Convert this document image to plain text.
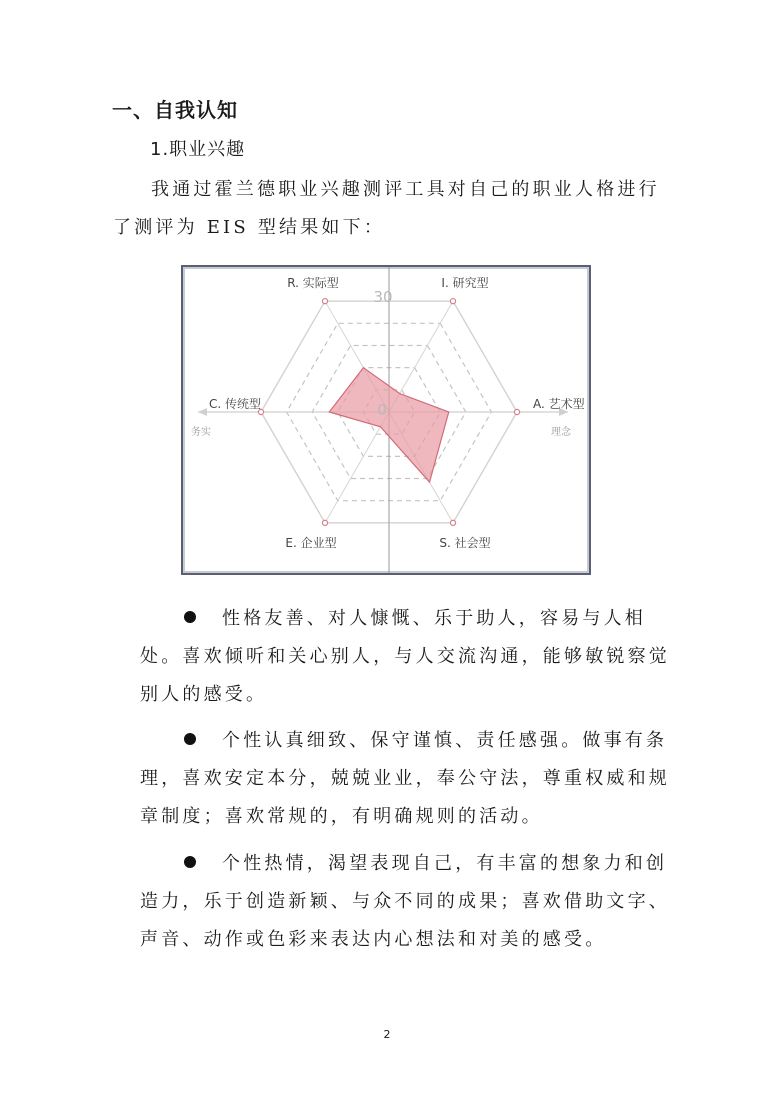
一、自我认知
1.职业兴趣
我通过霍兰德职业兴趣测评工具对自己的职业人格进行了测评为 EIS 型结果如下：
I. 研究型
A. 艺术型
S. 社会型
E. 企业型
C. 传统型
R. 实际型
30
0
务实	理念
性格友善、对人慷慨、乐于助人，容易与人相处。喜欢倾听和关心别人，与人交流沟通，能够敏锐察觉别人的感受。
个性认真细致、保守谨慎、责任感强。做事有条理，喜欢安定本分，兢兢业业，奉公守法，尊重权威和规章制度；喜欢常规的，有明确规则的活动。
个性热情，渴望表现自己，有丰富的想象力和创造力，乐于创造新颖、与众不同的成果；喜欢借助文字、声音、动作或色彩来表达内心想法和对美的感受。
2
